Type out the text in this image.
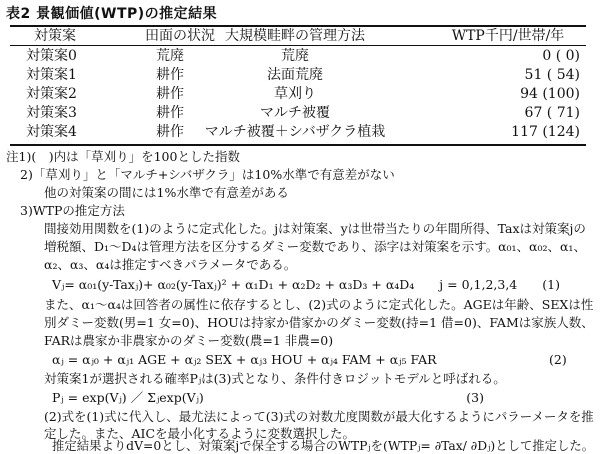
表2 景観価値(WTP)の推定結果
対策案	田面の状況 大規模畦畔の管理方法	WTP千円/世帯/年
対策案0	荒廃	荒廃	0 ( 0)
対策案1	耕作	法面荒廃	51 ( 54)
対策案2	耕作	草刈り	94 (100)
対策案3	耕作	マルチ被覆	67 ( 71)
対策案4	耕作	マルチ被覆＋シバザクラ植栽	117 (124)
注1)(　)内は「草刈り」を100とした指数
2)「草刈り」と「マルチ+シバザクラ」は10%水準で有意差がない
他の対策案の間には1%水準で有意差がある
3)WTPの推定方法
間接効用関数を(1)のように定式化した。jは対策案、yは世帯当たりの年間所得、Taxは対策案jの
増税額、D₁～D₄は管理方法を区分するダミー変数であり、添字は対策案を示す。α₀₁、α₀₂、α₁、
α₂、α₃、α₄は推定すべきパラメータである。
Vⱼ= α₀₁(y-Taxⱼ)+ α₀₂(y-Taxⱼ)² + α₁D₁ + α₂D₂ + α₃D₃ + α₄D₄　　j = 0,1,2,3,4　　(1)
また、α₁～α₄は回答者の属性に依存するとし、(2)式のように定式化した。AGEは年齢、SEXは性
別ダミー変数(男=1 女=0)、HOUは持家か借家かのダミー変数(持=1 借=0)、FAMは家族人数、
FARは農家か非農家かのダミー変数(農=1 非農=0)
αⱼ = αⱼ₀ + αⱼ₁ AGE + αⱼ₂ SEX + αⱼ₃ HOU + αⱼ₄ FAM + αⱼ₅ FAR　　　　　　　　　(2)
対策案1が選択される確率Pⱼは(3)式となり、条件付きロジットモデルと呼ばれる。
Pⱼ = exp(Vⱼ) ／ Σⱼexp(Vⱼ)　　　　　　　　　　　　　　　　　　　　　(3)
(2)式を(1)式に代入し、最尤法によって(3)式の対数尤度関数が最大化するようにパラーメータを推
定した。また、AICを最小化するように変数選択した。
推定結果よりdV=0とし、対策案jで保全する場合のWTPⱼを(WTPⱼ= ∂Tax/ ∂Dⱼ)として推定した。
